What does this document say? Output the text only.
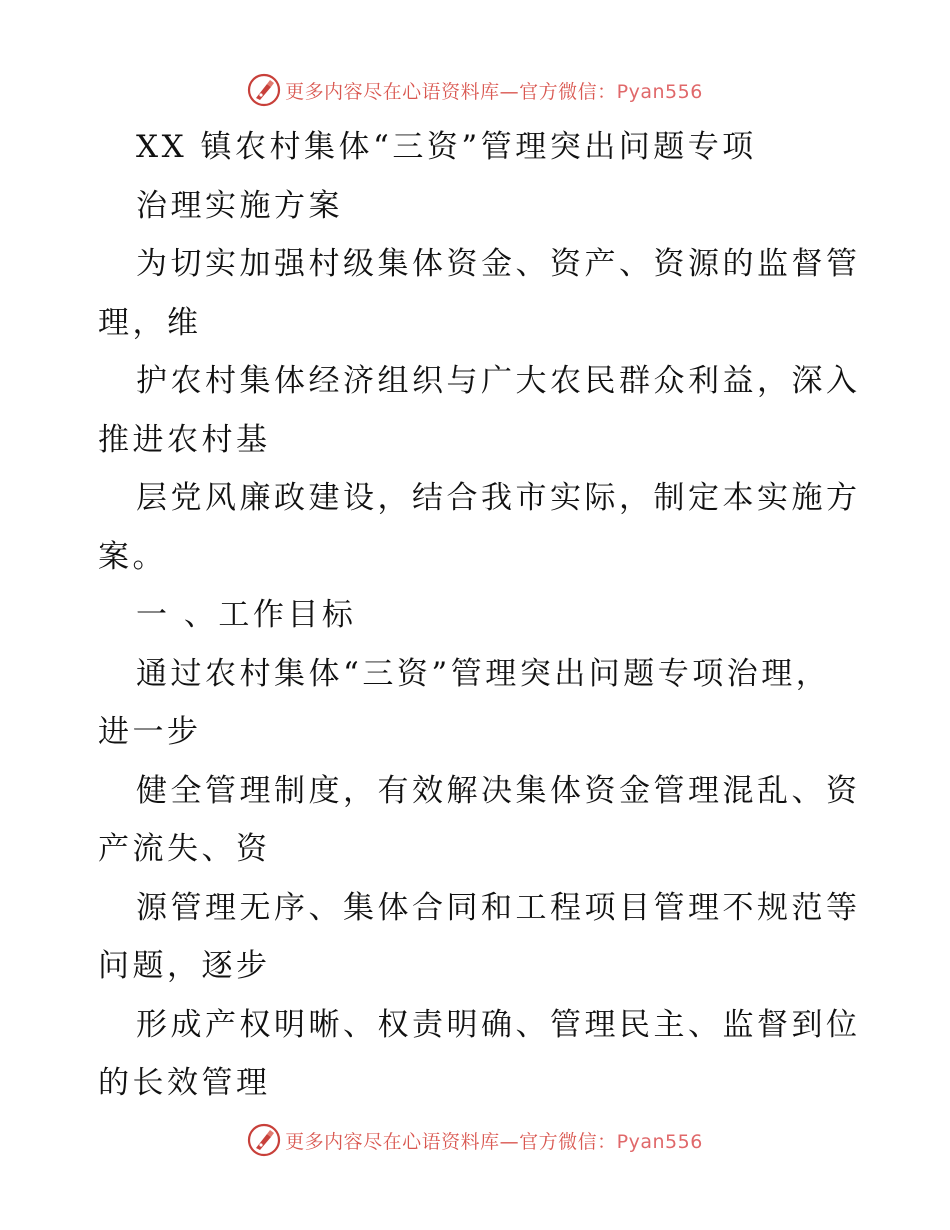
更多内容尽在心语资料库—官方微信：Pyan556
XX 镇农村集体“三资”管理突出问题专项
治理实施方案
为切实加强村级集体资金、资产、资源的监督管
理，维
护农村集体经济组织与广大农民群众利益，深入
推进农村基
层党风廉政建设，结合我市实际，制定本实施方
案。
一 、工作目标
通过农村集体“三资”管理突出问题专项治理，
进一步
健全管理制度，有效解决集体资金管理混乱、资
产流失、资
源管理无序、集体合同和工程项目管理不规范等
问题，逐步
形成产权明晰、权责明确、管理民主、监督到位
的长效管理
更多内容尽在心语资料库—官方微信：Pyan556
